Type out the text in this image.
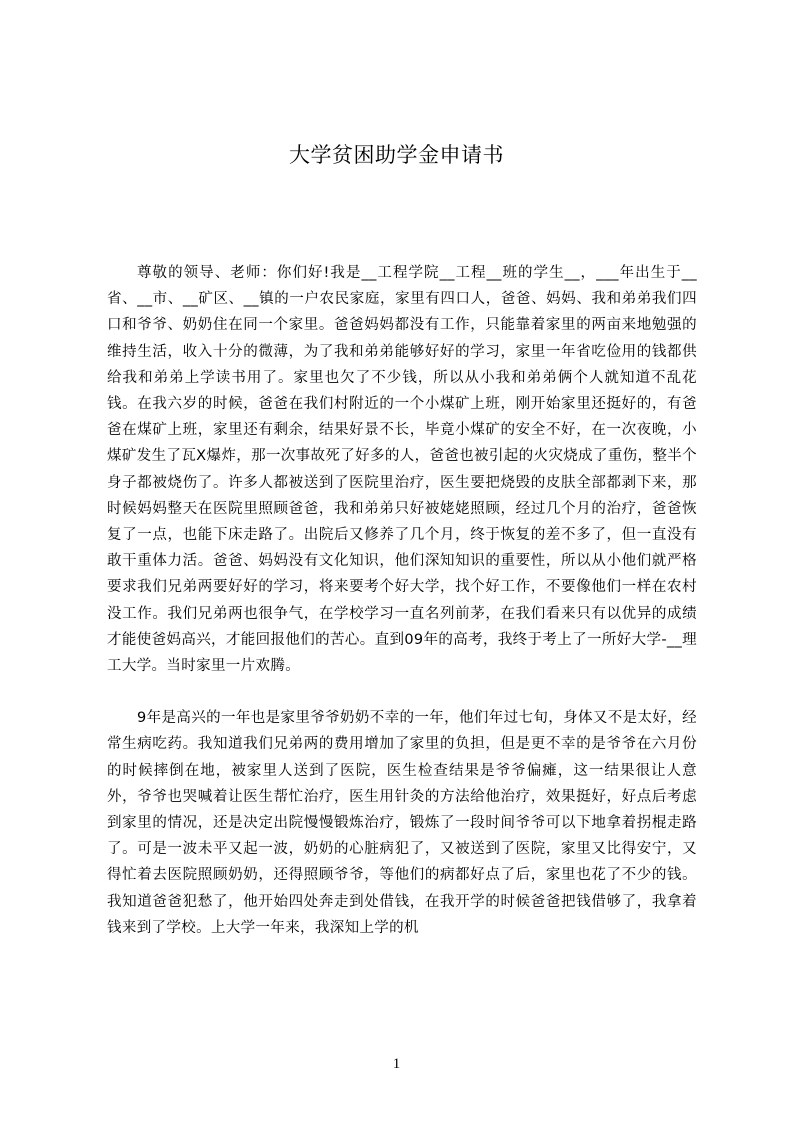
大学贫困助学金申请书

尊敬的领导、老师：你们好!我是__工程学院__工程__班的学生__，___年出生于__省、__市、__矿区、__镇的一户农民家庭，家里有四口人，爸爸、妈妈、我和弟弟我们四口和爷爷、奶奶住在同一个家里。爸爸妈妈都没有工作，只能靠着家里的两亩来地勉强的维持生活，收入十分的微薄，为了我和弟弟能够好好的学习，家里一年省吃俭用的钱都供给我和弟弟上学读书用了。家里也欠了不少钱，所以从小我和弟弟俩个人就知道不乱花钱。在我六岁的时候，爸爸在我们村附近的一个小煤矿上班，刚开始家里还挺好的，有爸爸在煤矿上班，家里还有剩余，结果好景不长，毕竟小煤矿的安全不好，在一次夜晚，小煤矿发生了瓦X爆炸，那一次事故死了好多的人，爸爸也被引起的火灾烧成了重伤，整半个身子都被烧伤了。许多人都被送到了医院里治疗，医生要把烧毁的皮肤全部都剥下来，那时候妈妈整天在医院里照顾爸爸，我和弟弟只好被姥姥照顾，经过几个月的治疗，爸爸恢复了一点，也能下床走路了。出院后又修养了几个月，终于恢复的差不多了，但一直没有敢干重体力活。爸爸、妈妈没有文化知识，他们深知知识的重要性，所以从小他们就严格要求我们兄弟两要好好的学习，将来要考个好大学，找个好工作，不要像他们一样在农村没工作。我们兄弟两也很争气，在学校学习一直名列前茅，在我们看来只有以优异的成绩才能使爸妈高兴，才能回报他们的苦心。直到09年的高考，我终于考上了一所好大学-__理工大学。当时家里一片欢腾。

9年是高兴的一年也是家里爷爷奶奶不幸的一年，他们年过七旬，身体又不是太好，经常生病吃药。我知道我们兄弟两的费用增加了家里的负担，但是更不幸的是爷爷在六月份的时候摔倒在地，被家里人送到了医院，医生检查结果是爷爷偏瘫，这一结果很让人意外，爷爷也哭喊着让医生帮忙治疗，医生用针灸的方法给他治疗，效果挺好，好点后考虑到家里的情况，还是决定出院慢慢锻炼治疗，锻炼了一段时间爷爷可以下地拿着拐棍走路了。可是一波未平又起一波，奶奶的心脏病犯了，又被送到了医院，家里又比得安宁，又得忙着去医院照顾奶奶，还得照顾爷爷，等他们的病都好点了后，家里也花了不少的钱。我知道爸爸犯愁了，他开始四处奔走到处借钱，在我开学的时候爸爸把钱借够了，我拿着钱来到了学校。上大学一年来，我深知上学的机

1
